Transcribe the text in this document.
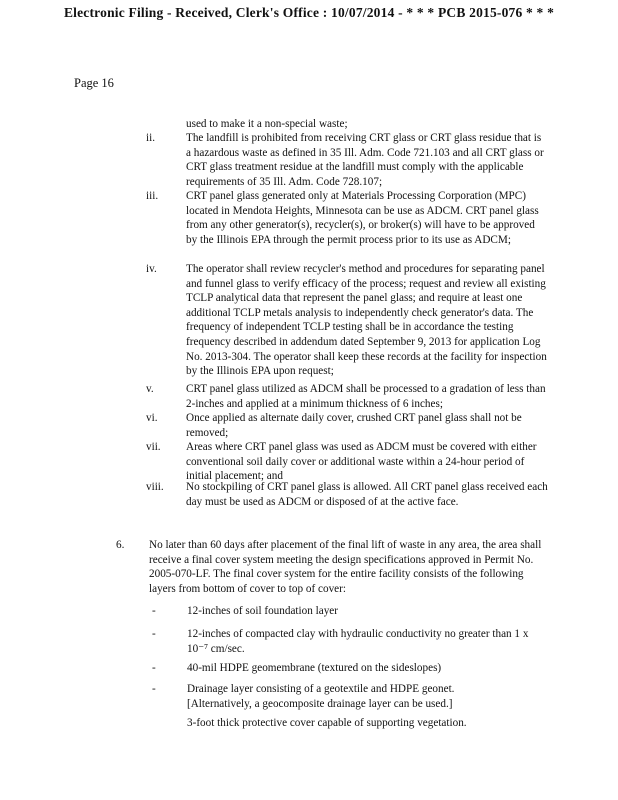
Electronic Filing - Received, Clerk's Office : 10/07/2014 - * * * PCB 2015-076 * * *
Page 16
used to make it a non-special waste;
ii.	The landfill is prohibited from receiving CRT glass or CRT glass residue that is a hazardous waste as defined in 35 Ill. Adm. Code 721.103 and all CRT glass or CRT glass treatment residue at the landfill must comply with the applicable requirements of 35 Ill. Adm. Code 728.107;
iii.	CRT panel glass generated only at Materials Processing Corporation (MPC) located in Mendota Heights, Minnesota can be use as ADCM. CRT panel glass from any other generator(s), recycler(s), or broker(s) will have to be approved by the Illinois EPA through the permit process prior to its use as ADCM;
iv.	The operator shall review recycler's method and procedures for separating panel and funnel glass to verify efficacy of the process; request and review all existing TCLP analytical data that represent the panel glass; and require at least one additional TCLP metals analysis to independently check generator's data. The frequency of independent TCLP testing shall be in accordance the testing frequency described in addendum dated September 9, 2013 for application Log No. 2013-304. The operator shall keep these records at the facility for inspection by the Illinois EPA upon request;
v.	CRT panel glass utilized as ADCM shall be processed to a gradation of less than 2-inches and applied at a minimum thickness of 6 inches;
vi.	Once applied as alternate daily cover, crushed CRT panel glass shall not be removed;
vii.	Areas where CRT panel glass was used as ADCM must be covered with either conventional soil daily cover or additional waste within a 24-hour period of initial placement; and
viii.	No stockpiling of CRT panel glass is allowed. All CRT panel glass received each day must be used as ADCM or disposed of at the active face.
6. No later than 60 days after placement of the final lift of waste in any area, the area shall receive a final cover system meeting the design specifications approved in Permit No. 2005-070-LF. The final cover system for the entire facility consists of the following layers from bottom of cover to top of cover:
-	12-inches of soil foundation layer
-	12-inches of compacted clay with hydraulic conductivity no greater than 1 x 10⁻⁷ cm/sec.
-	40-mil HDPE geomembrane (textured on the sideslopes)
-	Drainage layer consisting of a geotextile and HDPE geonet.
[Alternatively, a geocomposite drainage layer can be used.]
3-foot thick protective cover capable of supporting vegetation.
